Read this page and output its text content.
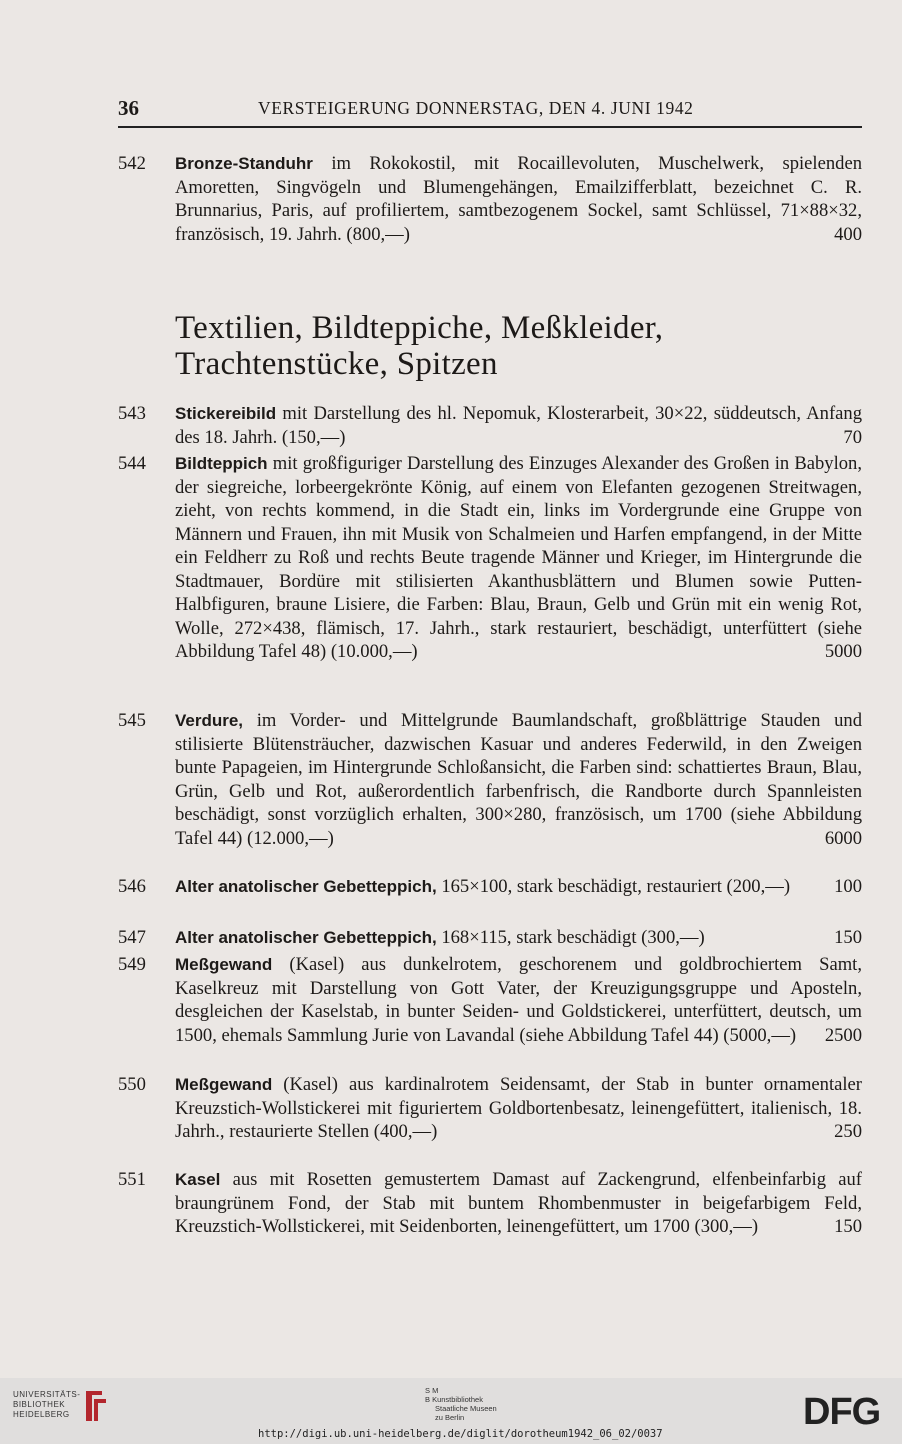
36	VERSTEIGERUNG DONNERSTAG, DEN 4. JUNI 1942
542	Bronze-Standuhr im Rokokostil, mit Rocaillevoluten, Muschelwerk, spielenden Amoretten, Singvögeln und Blumengehängen, Emailzifferblatt, bezeichnet C. R. Brunnarius, Paris, auf profiliertem, samtbezogenem Sockel, samt Schlüssel, 71×88×32, französisch, 19. Jahrh. (800,—)	400
Textilien, Bildteppiche, Meßkleider, Trachtenstücke, Spitzen
543	Stickereibild mit Darstellung des hl. Nepomuk, Klosterarbeit, 30×22, süddeutsch, Anfang des 18. Jahrh. (150,—)	70
544	Bildteppich mit großfiguriger Darstellung des Einzuges Alexander des Großen in Babylon, der siegreiche, lorbeergekrönte König, auf einem von Elefanten gezogenen Streitwagen, zieht, von rechts kommend, in die Stadt ein, links im Vordergrunde eine Gruppe von Männern und Frauen, ihn mit Musik von Schalmeien und Harfen empfangend, in der Mitte ein Feldherr zu Roß und rechts Beute tragende Männer und Krieger, im Hintergrunde die Stadtmauer, Bordüre mit stilisierten Akanthusblättern und Blumen sowie Putten-Halbfiguren, braune Lisiere, die Farben: Blau, Braun, Gelb und Grün mit ein wenig Rot, Wolle, 272×438, flämisch, 17. Jahrh., stark restauriert, beschädigt, unterfüttert (siehe Abbildung Tafel 48) (10.000,—)	5000
545	Verdure, im Vorder- und Mittelgrunde Baumlandschaft, großblättrige Stauden und stilisierte Blütensträucher, dazwischen Kasuar und anderes Federwild, in den Zweigen bunte Papageien, im Hintergrunde Schloßansicht, die Farben sind: schattiertes Braun, Blau, Grün, Gelb und Rot, außerordentlich farbenfrisch, die Randborte durch Spannleisten beschädigt, sonst vorzüglich erhalten, 300×280, französisch, um 1700 (siehe Abbildung Tafel 44) (12.000,—)	6000
546	Alter anatolischer Gebetteppich, 165×100, stark beschädigt, restauriert (200,—) 100
547	Alter anatolischer Gebetteppich, 168×115, stark beschädigt (300,—)	150
549	Meßgewand (Kasel) aus dunkelrotem, geschorenem und goldbrochiertem Samt, Kaselkreuz mit Darstellung von Gott Vater, der Kreuzigungsgruppe und Aposteln, desgleichen der Kaselstab, in bunter Seiden- und Goldstickerei, unterfüttert, deutsch, um 1500, ehemals Sammlung Jurie von Lavandal (siehe Abbildung Tafel 44) (5000,—) 2500
550	Meßgewand (Kasel) aus kardinalrotem Seidensamt, der Stab in bunter ornamentaler Kreuzstich-Wollstickerei mit figuriertem Goldbortenbesatz, leinengefüttert, italienisch, 18. Jahrh., restaurierte Stellen (400,—)	250
551	Kasel aus mit Rosetten gemustertem Damast auf Zackengrund, elfenbeinfarbig auf braungrünem Fond, der Stab mit buntem Rhombenmuster in beigefarbigem Feld, Kreuzstich-Wollstickerei, mit Seidenborten, leinengefüttert, um 1700 (300,—)	150
UNIVERSITÄTS-
BIBLIOTHEK
HEIDELBERG
S M
B Kunstbibliothek
Staatliche Museen
zu Berlin	DFG
http://digi.ub.uni-heidelberg.de/diglit/dorotheum1942_06_02/0037
